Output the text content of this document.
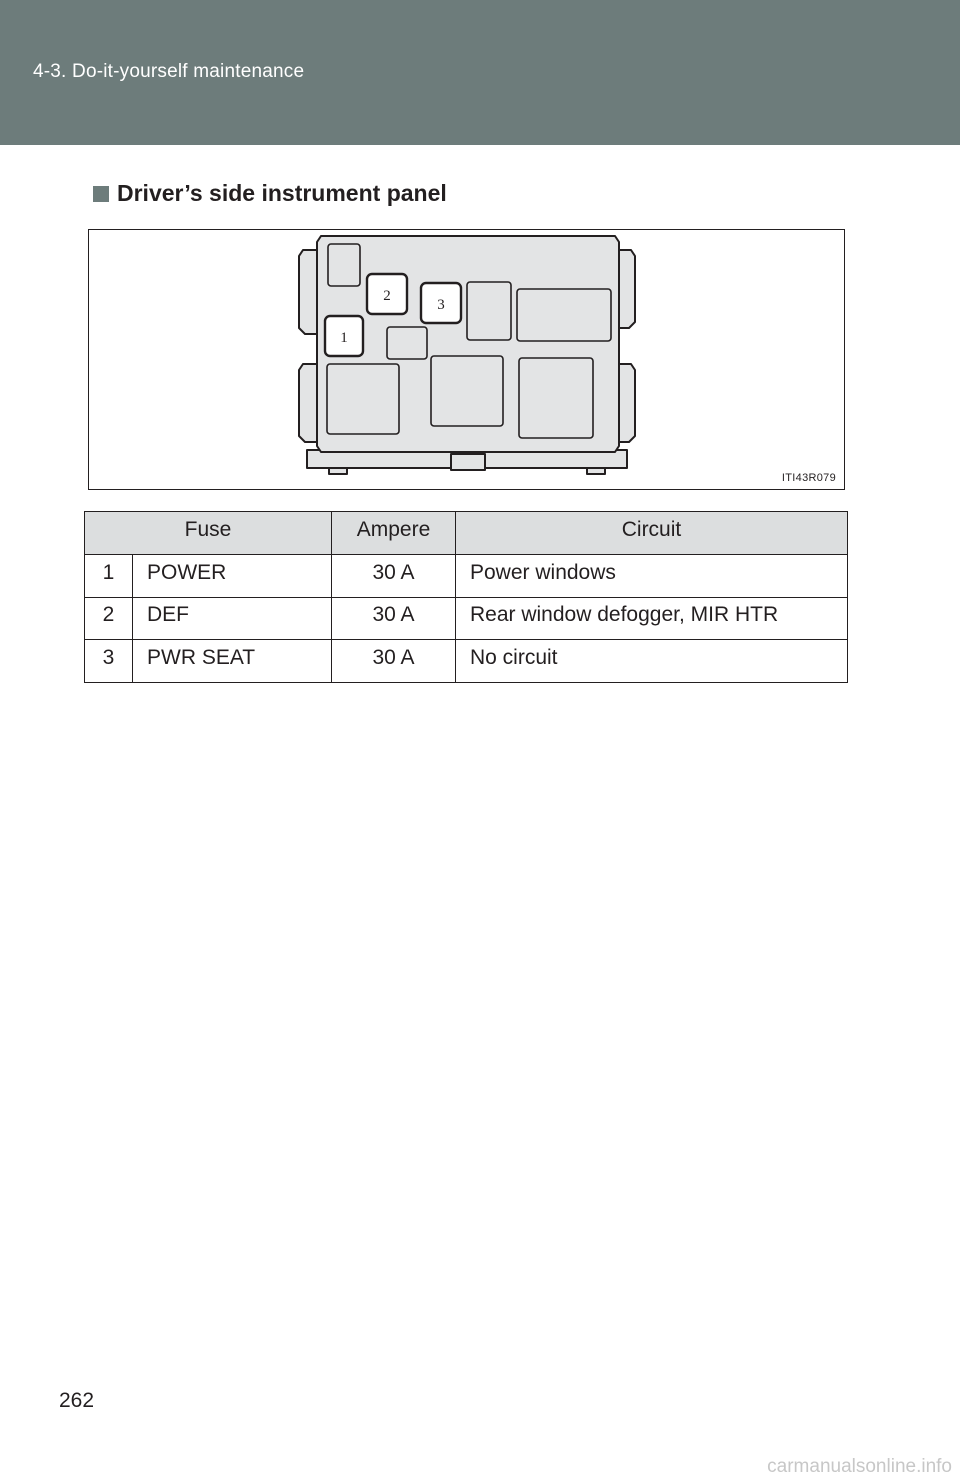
4-3. Do-it-yourself maintenance
Driver’s side instrument panel
1
2
3
ITI43R079
Fuse		Ampere	Circuit
1	POWER	30 A	Power windows
2	DEF	30 A	Rear window defogger, MIR HTR
3	PWR SEAT	30 A	No circuit
262
carmanualsonline.info
